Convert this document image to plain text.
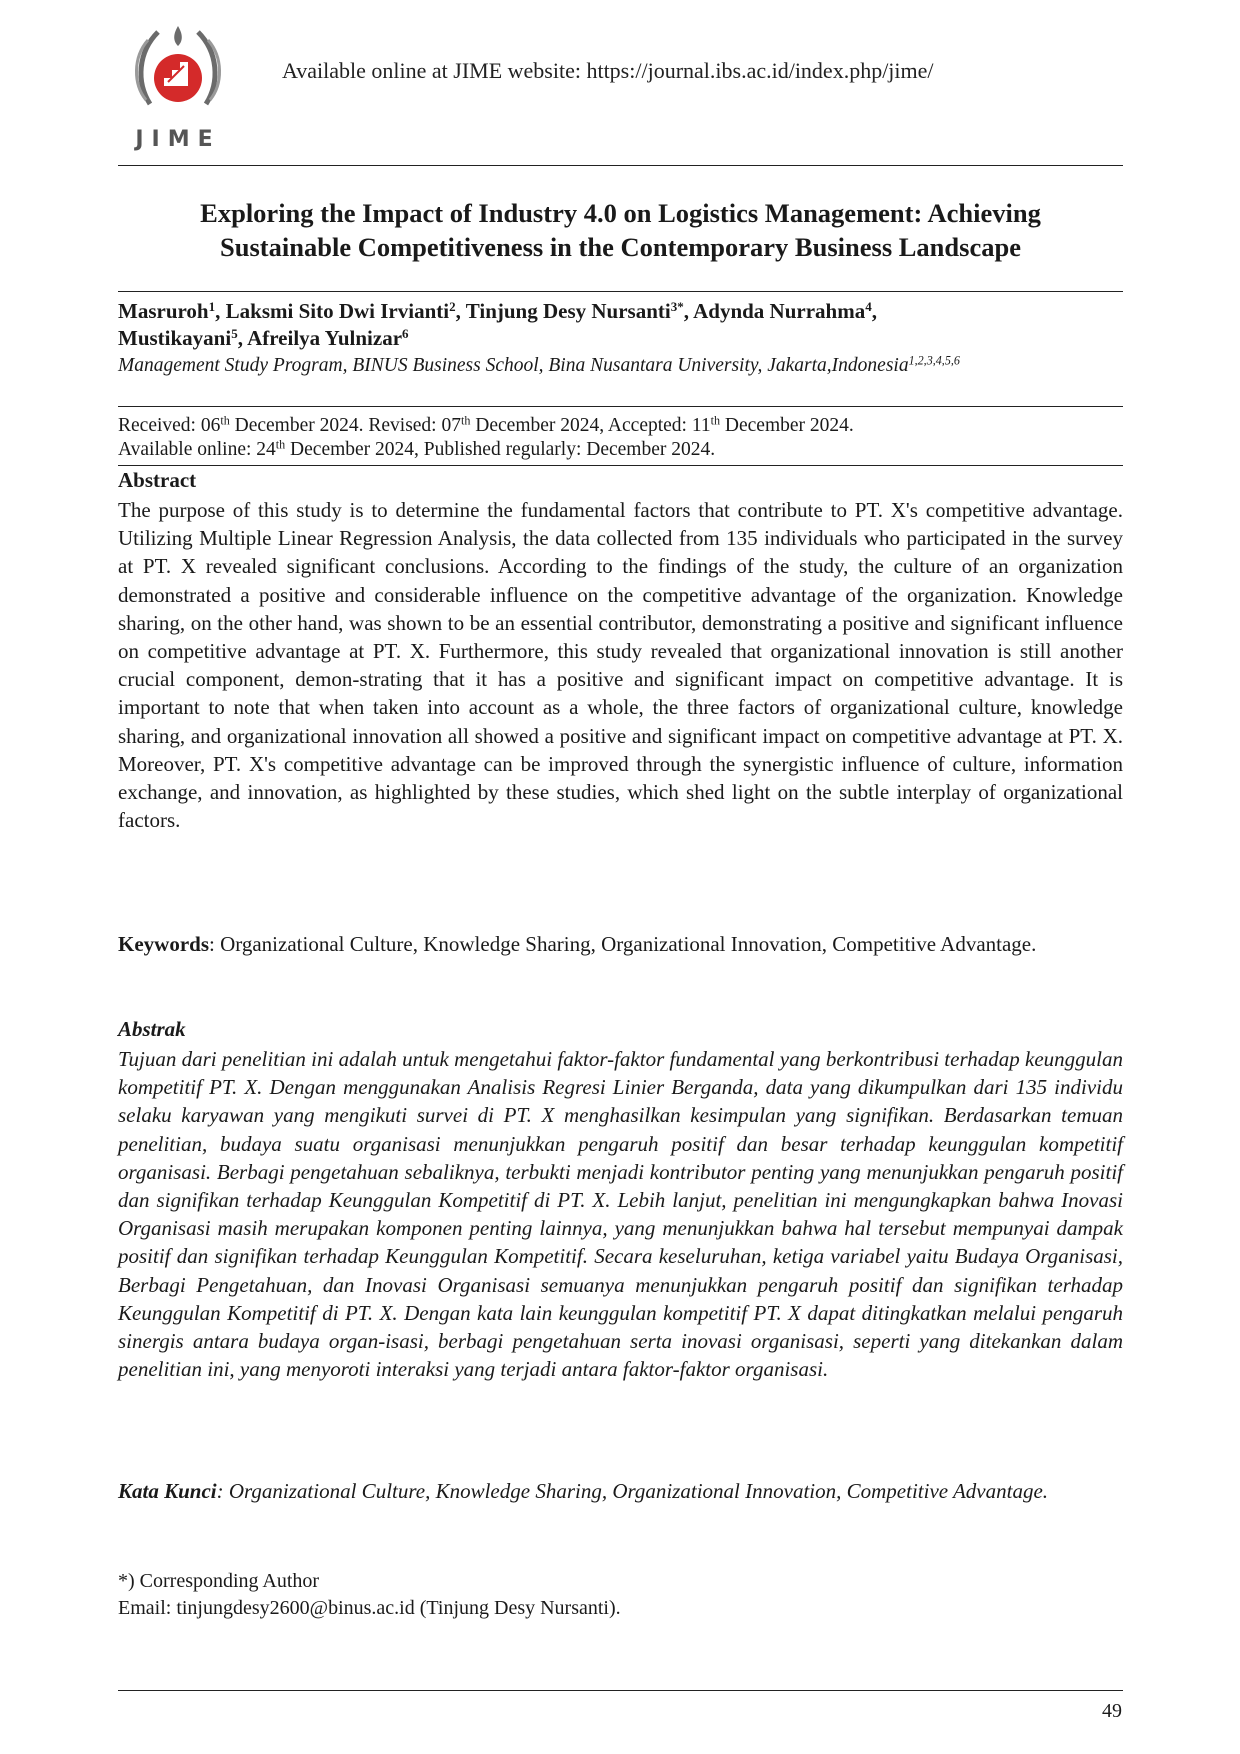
JIME
Available online at JIME website: https://journal.ibs.ac.id/index.php/jime/
Exploring the Impact of Industry 4.0 on Logistics Management: Achieving
Sustainable Competitiveness in the Contemporary Business Landscape
Masruroh$^1$, Laksmi Sito Dwi Irvianti$^2$, Tinjung Desy Nursanti$^{3*}$, Adynda Nurrahma$^4$,
Mustikayani$^5$, Afreilya Yulnizar$^6$
Management Study Program, BINUS Business School, Bina Nusantara University, Jakarta,Indonesia$^{1,2,3,4,5,6}$
Received: 06th December 2024. Revised: 07th December 2024, Accepted: 11th December 2024.
Available online: 24th December 2024, Published regularly: December 2024.
Abstract
The purpose of this study is to determine the fundamental factors that contribute to PT. X's competitive advantage. Utilizing Multiple Linear Regression Analysis, the data collected from 135 individuals who participated in the survey at PT. X revealed significant conclusions. According to the findings of the study, the culture of an organization demonstrated a positive and considerable influence on the competitive advantage of the organization. Knowledge sharing, on the other hand, was shown to be an essential contributor, demonstrating a positive and significant influence on competitive advantage at PT. X. Furthermore, this study revealed that organizational innovation is still another crucial component, demon-strating that it has a positive and significant impact on competitive advantage. It is important to note that when taken into account as a whole, the three factors of organizational culture, knowledge sharing, and organizational innovation all showed a positive and significant impact on competitive advantage at PT. X. Moreover, PT. X's competitive advantage can be improved through the synergistic influence of culture, information exchange, and innovation, as highlighted by these studies, which shed light on the subtle interplay of organizational factors.
Keywords: Organizational Culture, Knowledge Sharing, Organizational Innovation, Competitive Advantage.
Abstrak
Tujuan dari penelitian ini adalah untuk mengetahui faktor-faktor fundamental yang berkontribusi terhadap keunggulan kompetitif PT. X. Dengan menggunakan Analisis Regresi Linier Berganda, data yang dikumpulkan dari 135 individu selaku karyawan yang mengikuti survei di PT. X menghasilkan kesimpulan yang signifikan. Berdasarkan temuan penelitian, budaya suatu organisasi menunjukkan pengaruh positif dan besar terhadap keunggulan kompetitif organisasi. Berbagi pengetahuan sebaliknya, terbukti menjadi kontributor penting yang menunjukkan pengaruh positif dan signifikan terhadap Keunggulan Kompetitif di PT. X. Lebih lanjut, penelitian ini mengungkapkan bahwa Inovasi Organisasi masih merupakan komponen penting lainnya, yang menunjukkan bahwa hal tersebut mempunyai dampak positif dan signifikan terhadap Keunggulan Kompetitif. Secara keseluruhan, ketiga variabel yaitu Budaya Organisasi, Berbagi Pengetahuan, dan Inovasi Organisasi semuanya menunjukkan pengaruh positif dan signifikan terhadap Keunggulan Kompetitif di PT. X. Dengan kata lain keunggulan kompetitif PT. X dapat ditingkatkan melalui pengaruh sinergis antara budaya organ-isasi, berbagi pengetahuan serta inovasi organisasi, seperti yang ditekankan dalam penelitian ini, yang menyoroti interaksi yang terjadi antara faktor-faktor organisasi.
Kata Kunci: Organizational Culture, Knowledge Sharing, Organizational Innovation, Competitive Advantage.
*) Corresponding Author
Email: tinjungdesy2600@binus.ac.id (Tinjung Desy Nursanti).
49
